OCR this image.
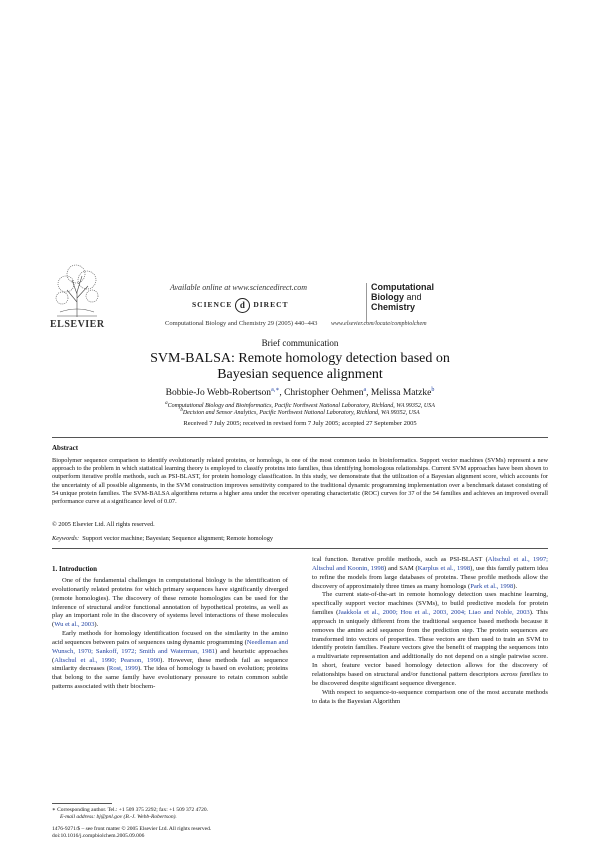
ELSEVIER
Available online at www.sciencedirect.com
SCIENCE d DIRECT
Computational Biology and Chemistry 29 (2005) 440–443
Computational
Biology and
Chemistry
www.elsevier.com/locate/compbiolchem
Brief communication
SVM-BALSA: Remote homology detection based on
Bayesian sequence alignment
Bobbie-Jo Webb-Robertson$^{a,∗}$, Christopher Oehmen$^a$, Melissa Matzke$^b$
$^a$Computational Biology and Bioinformatics, Pacific Northwest National Laboratory, Richland, WA 99352, USA
$^b$Decision and Sensor Analytics, Pacific Northwest National Laboratory, Richland, WA 99352, USA
Received 7 July 2005; received in revised form 7 July 2005; accepted 27 September 2005
Abstract
Biopolymer sequence comparison to identify evolutionarily related proteins, or homologs, is one of the most common tasks in bioinformatics. Support vector machines (SVMs) represent a new approach to the problem in which statistical learning theory is employed to classify proteins into families, thus identifying homologous relationships. Current SVM approaches have been shown to outperform iterative profile methods, such as PSI-BLAST, for protein homology classification. In this study, we demonstrate that the utilization of a Bayesian alignment score, which accounts for the uncertainty of all possible alignments, in the SVM construction improves sensitivity compared to the traditional dynamic programming implementation over a benchmark dataset consisting of 54 unique protein families. The SVM-BALSA algorithms returns a higher area under the receiver operating characteristic (ROC) curves for 37 of the 54 families and achieves an improved overall performance curve at a significance level of 0.07.
© 2005 Elsevier Ltd. All rights reserved.
Keywords: Support vector machine; Bayesian; Sequence alignment; Remote homology
1. Introduction

One of the fundamental challenges in computational biology is the identification of evolutionarily related proteins for which primary sequences have significantly diverged (remote homologies). The discovery of these remote homologies can be used for the inference of structural and/or functional annotation of hypothetical proteins, as well as play an important role in the discovery of systems level interactions of these molecules (Wu et al., 2003).

Early methods for homology identification focused on the similarity in the amino acid sequences between pairs of sequences using dynamic programming (Needleman and Wunsch, 1970; Sankoff, 1972; Smith and Waterman, 1981) and heuristic approaches (Altschul et al., 1990; Pearson, 1990). However, these methods fail as sequence similarity decreases (Rost, 1999). The idea of homology is based on evolution; proteins that belong to the same family have evolutionary pressure to retain common subtle patterns associated with their biochem-

ical function. Iterative profile methods, such as PSI-BLAST (Altschul et al., 1997; Altschul and Koonin, 1998) and SAM (Karplus et al., 1998), use this family pattern idea to refine the models from large databases of proteins. These profile methods allow the discovery of approximately three times as many homologs (Park et al., 1998).

The current state-of-the-art in remote homology detection uses machine learning, specifically support vector machines (SVMs), to build predictive models for protein families (Jaakkola et al., 2000; Hou et al., 2003, 2004; Liao and Noble, 2003). This approach in uniquely different from the traditional sequence based methods because it removes the amino acid sequence from the prediction step. The protein sequences are transformed into vectors of properties. These vectors are then used to train an SVM to identify protein families. Feature vectors give the benefit of mapping the sequences into a multivariate representation and additionally do not depend on a single pairwise score. In short, feature vector based homology detection allows for the discovery of relationships based on structural and/or functional pattern descriptors across families to be discovered despite significant sequence divergence.

With respect to sequence-to-sequence comparison one of the most accurate methods to data is the Bayesian Algorithm

∗ Corresponding author. Tel.: +1 509 375 2292; fax: +1 509 372 4720.
E-mail address: bj@pnl.gov (B.-J. Webb-Robertson).
1476-9271/$ – see front matter © 2005 Elsevier Ltd. All rights reserved.
doi:10.1016/j.compbiolchem.2005.09.006
